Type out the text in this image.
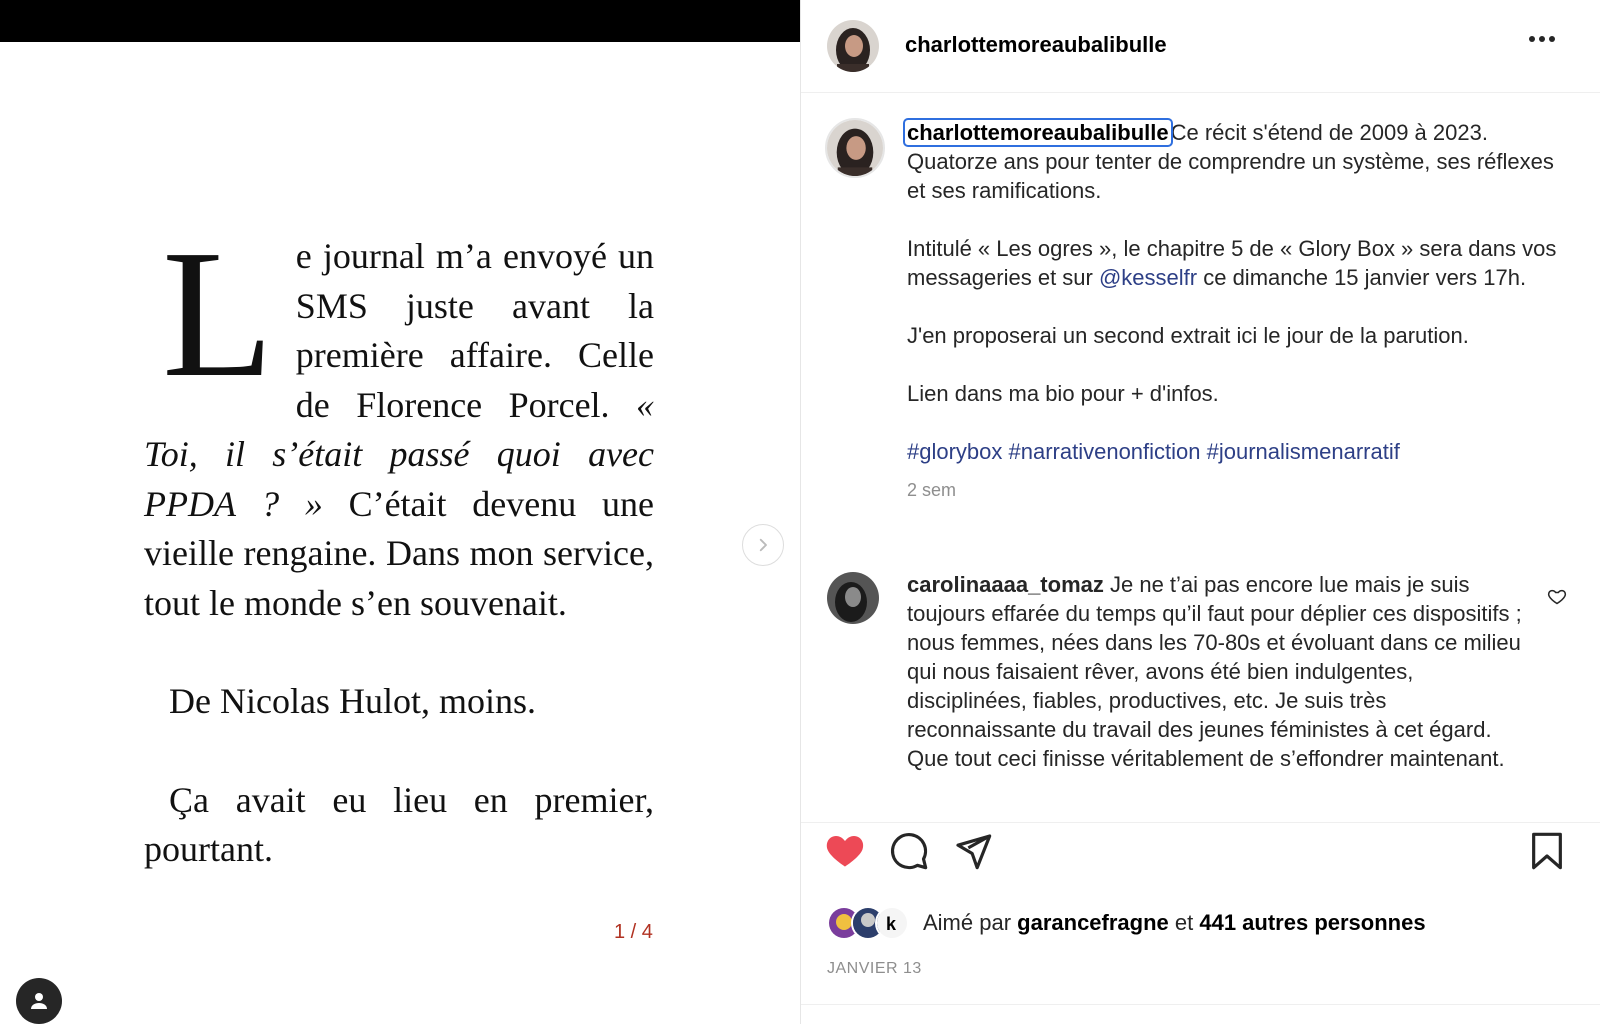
Le journal m’a envoyé un SMS juste avant la première affaire. Celle de Florence Porcel. « Toi, il s’était passé quoi avec PPDA ? » C’était devenu une vieille rengaine. Dans mon service, tout le monde s’en souvenait.

De Nicolas Hulot, moins.

Ça avait eu lieu en premier, pourtant.

1 / 4
charlottemoreaubalibulle

charlottemoreaubalibulleCe récit s'étend de 2009 à 2023. Quatorze ans pour tenter de comprendre un système, ses réflexes et ses ramifications.

Intitulé « Les ogres », le chapitre 5 de « Glory Box » sera dans vos messageries et sur @kesselfr ce dimanche 15 janvier vers 17h.

J'en proposerai un second extrait ici le jour de la parution.

Lien dans ma bio pour + d'infos.

#glorybox #narrativenonfiction #journalismenarratif

2 sem
carolinaaaa_tomaz Je ne t’ai pas encore lue mais je suis toujours effarée du temps qu’il faut pour déplier ces dispositifs ; nous femmes, nées dans les 70-80s et évoluant dans ce milieu qui nous faisaient rêver, avons été bien indulgentes, disciplinées, fiables, productives, etc. Je suis très reconnaissante du travail des jeunes féministes à cet égard. Que tout ceci finisse véritablement de s’effondrer maintenant.
k Aimé par garancefragne et 441 autres personnes
JANVIER 13
